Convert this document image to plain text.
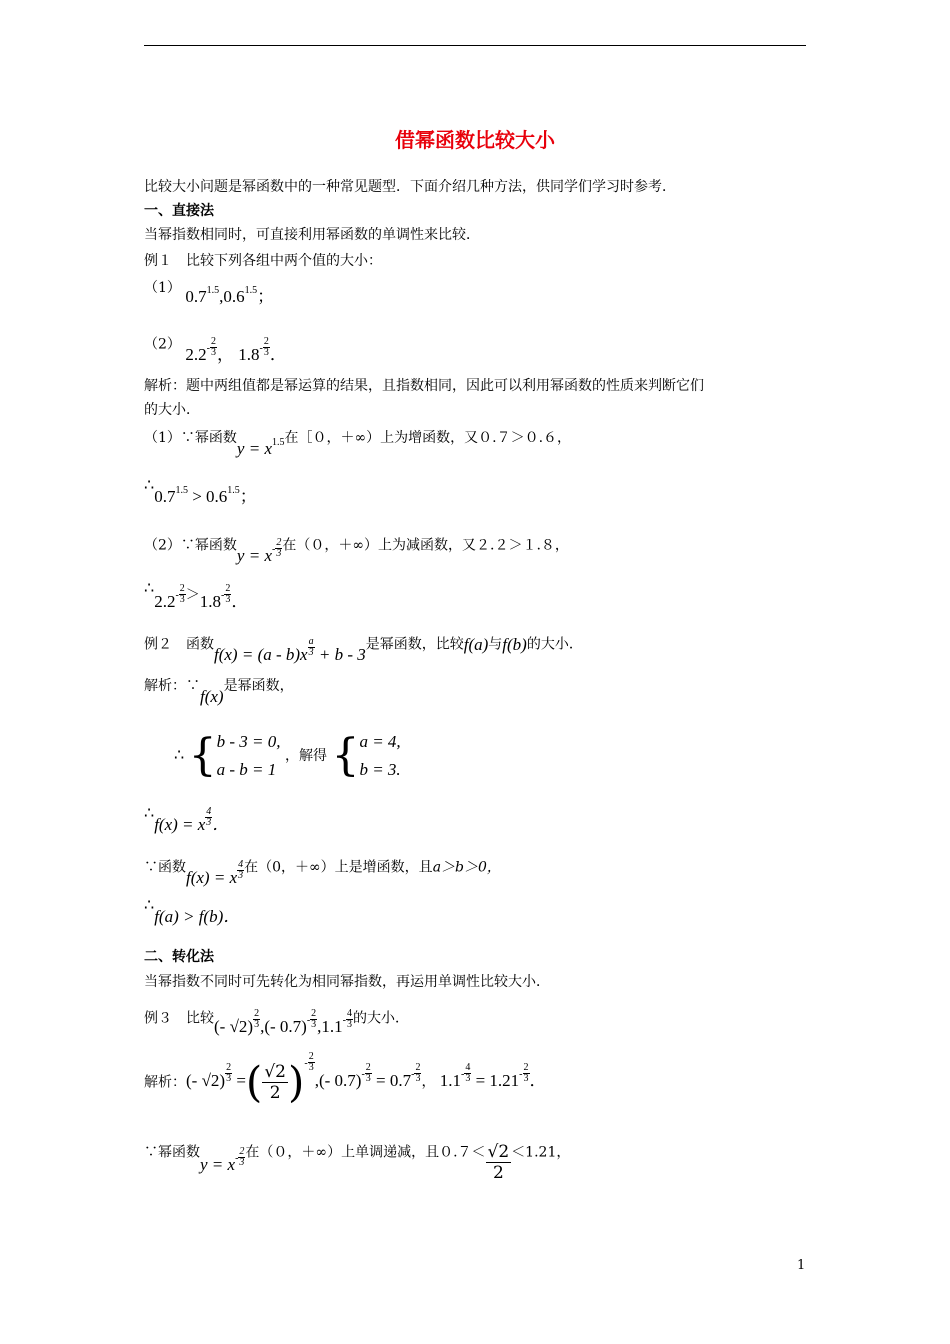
借幂函数比较大小
比较大小问题是幂函数中的一种常见题型．下面介绍几种方法，供同学们学习时参考．
一、直接法
当幂指数相同时，可直接利用幂函数的单调性来比较．
例１　比较下列各组中两个值的大小：
（1） $0.7^{1.5},0.6^{1.5}$；
（2） $2.2^- \frac{2}{3}$ ， $1.8^- \frac{2}{3}$ ．
解析：题中两组值都是幂运算的结果，且指数相同，因此可以利用幂函数的性质来判断它们
的大小．
（1）∵幂函数$y = x^{1.5}$在［０，＋∞）上为增函数，又０.７＞０.６，
$\therefore 0.7^{1.5} > 0.6^{1.5}$；
（2）∵幂函数$y = x^- \frac{2}{3}$ 在（０，＋∞）上为减函数，又２.２＞１.８，
∴2.2- $\frac{2}{3} ^>1.8^- \frac{2}{3}$ ．
例２　函数$f(x) = (a - b)x \frac{a}{3} + b - 3$是幂函数，比较f(a)与f(b)的大小．
解析：∵f(x)是幂函数，
∴ { b - 3 = 0,
a - b = 1
，解得 { a = 4,
b = 3.
∴f(x) = x $\frac{4}{3}$ ．
∵函数f(x) = x $\frac{4}{3}$ 在（0，＋∞）上是增函数，且a＞b＞0，
∴f(a) > f(b)．
二、转化法
当幂指数不同时可先转化为相同幂指数，再运用单调性比较大小．
例３　比较(- $√2) \frac{2}{3}$ ,(- $0.7)^- \frac{2}{3} ,1.1^- \frac{4}{3}$ 的大小．
解析：(- $√2) \frac{2}{3}$ =( $\frac{√2}{2})^- \frac{2}{3}$
,(- $0.7)^- \frac{2}{3} = 0.7^- \frac{2}{3}$ ， $1.1^- \frac{4}{3} = 1.21^- \frac{2}{3}$ ．
∵幂函数$y = x^- \frac{2}{3}$ 在（０，＋∞）上单调递减，且$0.7< \frac{√2}{2}<1.21$，
1
